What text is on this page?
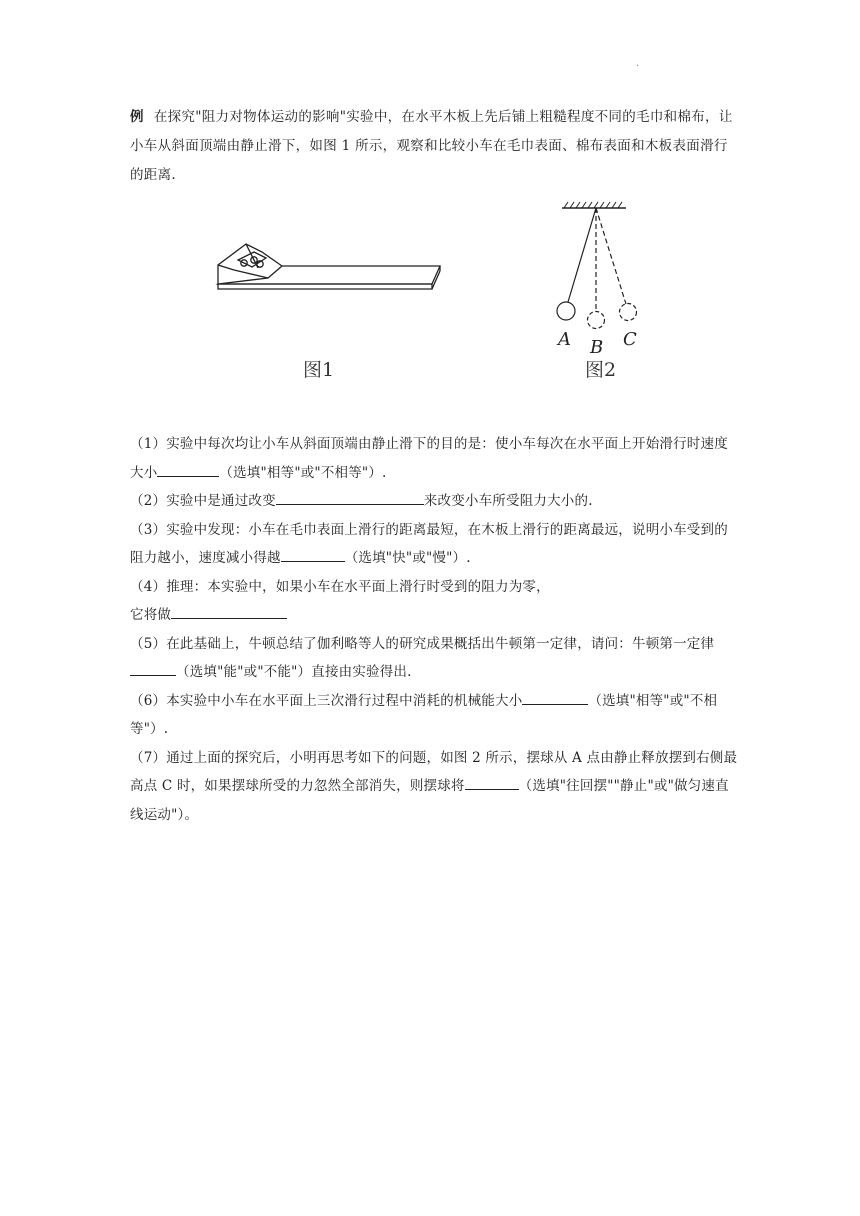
.
例 在探究"阻力对物体运动的影响"实验中，在水平木板上先后铺上粗糙程度不同的毛巾和棉布，让小车从斜面顶端由静止滑下，如图 1 所示，观察和比较小车在毛巾表面、棉布表面和木板表面滑行的距离.
图1
A B C
图2

（1）实验中每次均让小车从斜面顶端由静止滑下的目的是：使小车每次在水平面上开始滑行时速度大小	（选填"相等"或"不相等"）.

（2）实验中是通过改变	来改变小车所受阻力大小的.

（3）实验中发现：小车在毛巾表面上滑行的距离最短，在木板上滑行的距离最远，说明小车受到的阻力越小，速度减小得越	（选填"快"或"慢"）.

（4）推理：本实验中，如果小车在水平面上滑行时受到的阻力为零，
它将做

（5）在此基础上，牛顿总结了伽利略等人的研究成果概括出牛顿第一定律，请问：牛顿第一定律（选填"能"或"不能"）直接由实验得出.

（6）本实验中小车在水平面上三次滑行过程中消耗的机械能大小	（选填"相等"或"不相等"）.

（7）通过上面的探究后，小明再思考如下的问题，如图 2 所示，摆球从 A 点由静止释放摆到右侧最高点 C 时，如果摆球所受的力忽然全部消失，则摆球将	（选填"往回摆""静止"或"做匀速直线运动"）。
